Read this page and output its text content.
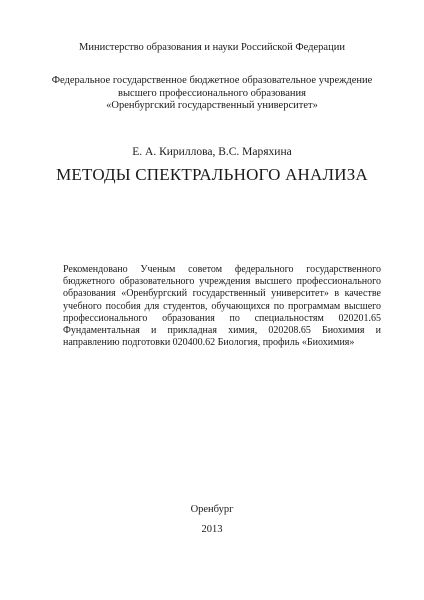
Министерство образования и науки Российской Федерации
Федеральное государственное бюджетное образовательное учреждение
высшего профессионального образования
«Оренбургский государственный университет»
Е. А. Кириллова, В.С. Маряхина
МЕТОДЫ СПЕКТРАЛЬНОГО АНАЛИЗА
Рекомендовано Ученым советом федерального государственного
бюджетного образовательного учреждения высшего профессионального
образования «Оренбургский государственный университет» в качестве
учебного пособия для студентов, обучающихся по программам высшего
профессионального образования по специальностям 020201.65
Фундаментальная и прикладная химия, 020208.65 Биохимия и
направлению подготовки 020400.62 Биология, профиль «Биохимия»
Оренбург
2013
